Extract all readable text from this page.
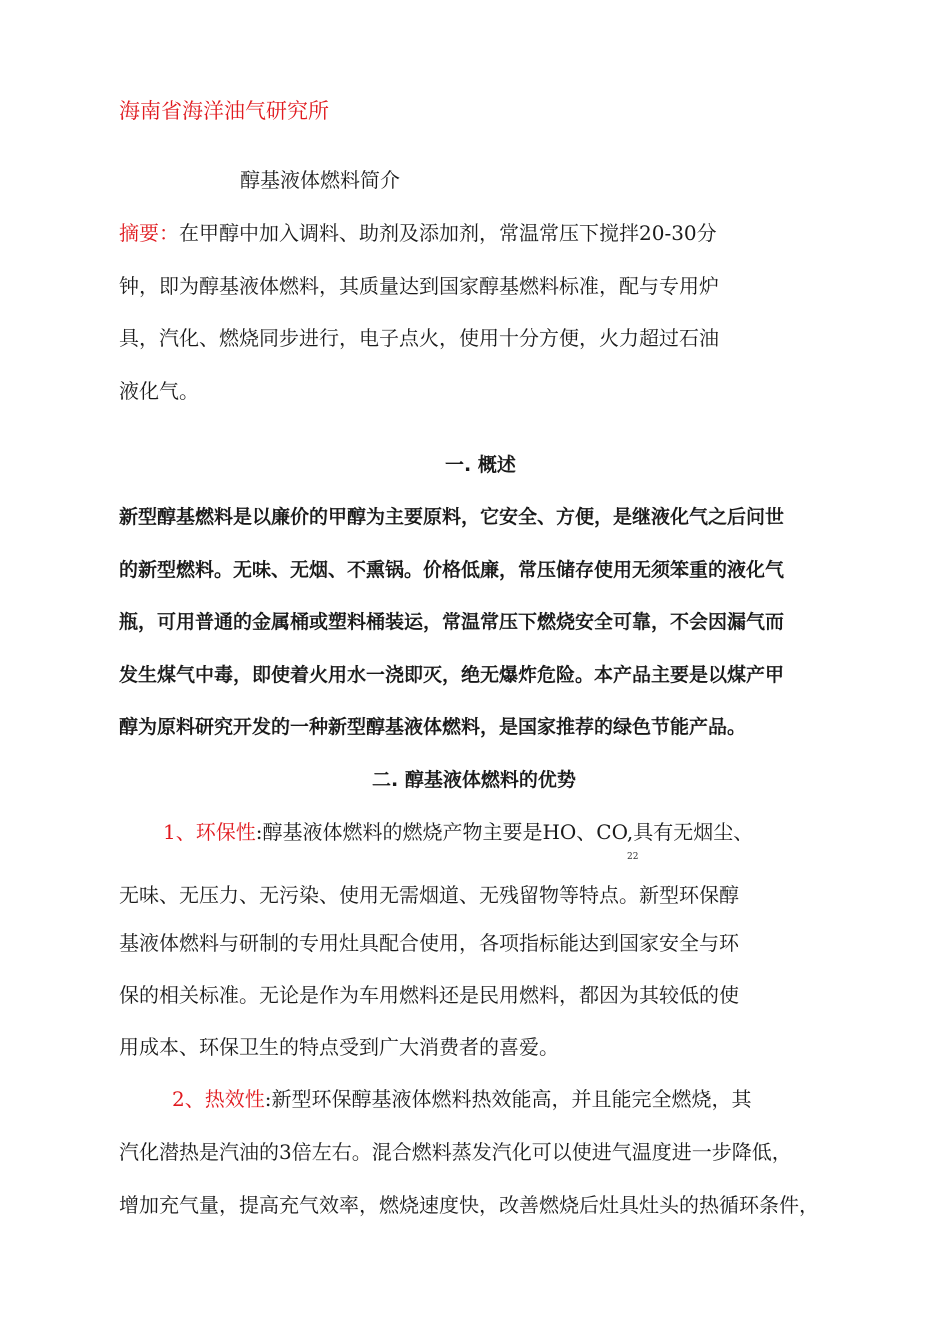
海南省海洋油气研究所
醇基液体燃料简介
摘要：在甲醇中加入调料、助剂及添加剂，常温常压下搅拌20-30分
钟，即为醇基液体燃料，其质量达到国家醇基燃料标准，配与专用炉
具，汽化、燃烧同步进行，电子点火，使用十分方便，火力超过石油
液化气。
一. 概述
新型醇基燃料是以廉价的甲醇为主要原料，它安全、方便，是继液化气之后问世
的新型燃料。无味、无烟、不熏锅。价格低廉，常压储存使用无须笨重的液化气
瓶，可用普通的金属桶或塑料桶装运，常温常压下燃烧安全可靠，不会因漏气而
发生煤气中毒，即使着火用水一浇即灭，绝无爆炸危险。本产品主要是以煤产甲
醇为原料研究开发的一种新型醇基液体燃料，是国家推荐的绿色节能产品。
二. 醇基液体燃料的优势
1、环保性:醇基液体燃料的燃烧产物主要是HO、CO,具有无烟尘、
22
无味、无压力、无污染、使用无需烟道、无残留物等特点。新型环保醇
基液体燃料与研制的专用灶具配合使用，各项指标能达到国家安全与环
保的相关标准。无论是作为车用燃料还是民用燃料，都因为其较低的使
用成本、环保卫生的特点受到广大消费者的喜爱。
2、热效性:新型环保醇基液体燃料热效能高，并且能完全燃烧，其
汽化潜热是汽油的3倍左右。混合燃料蒸发汽化可以使进气温度进一步降低，
增加充气量，提高充气效率，燃烧速度快，改善燃烧后灶具灶头的热循环条件，
